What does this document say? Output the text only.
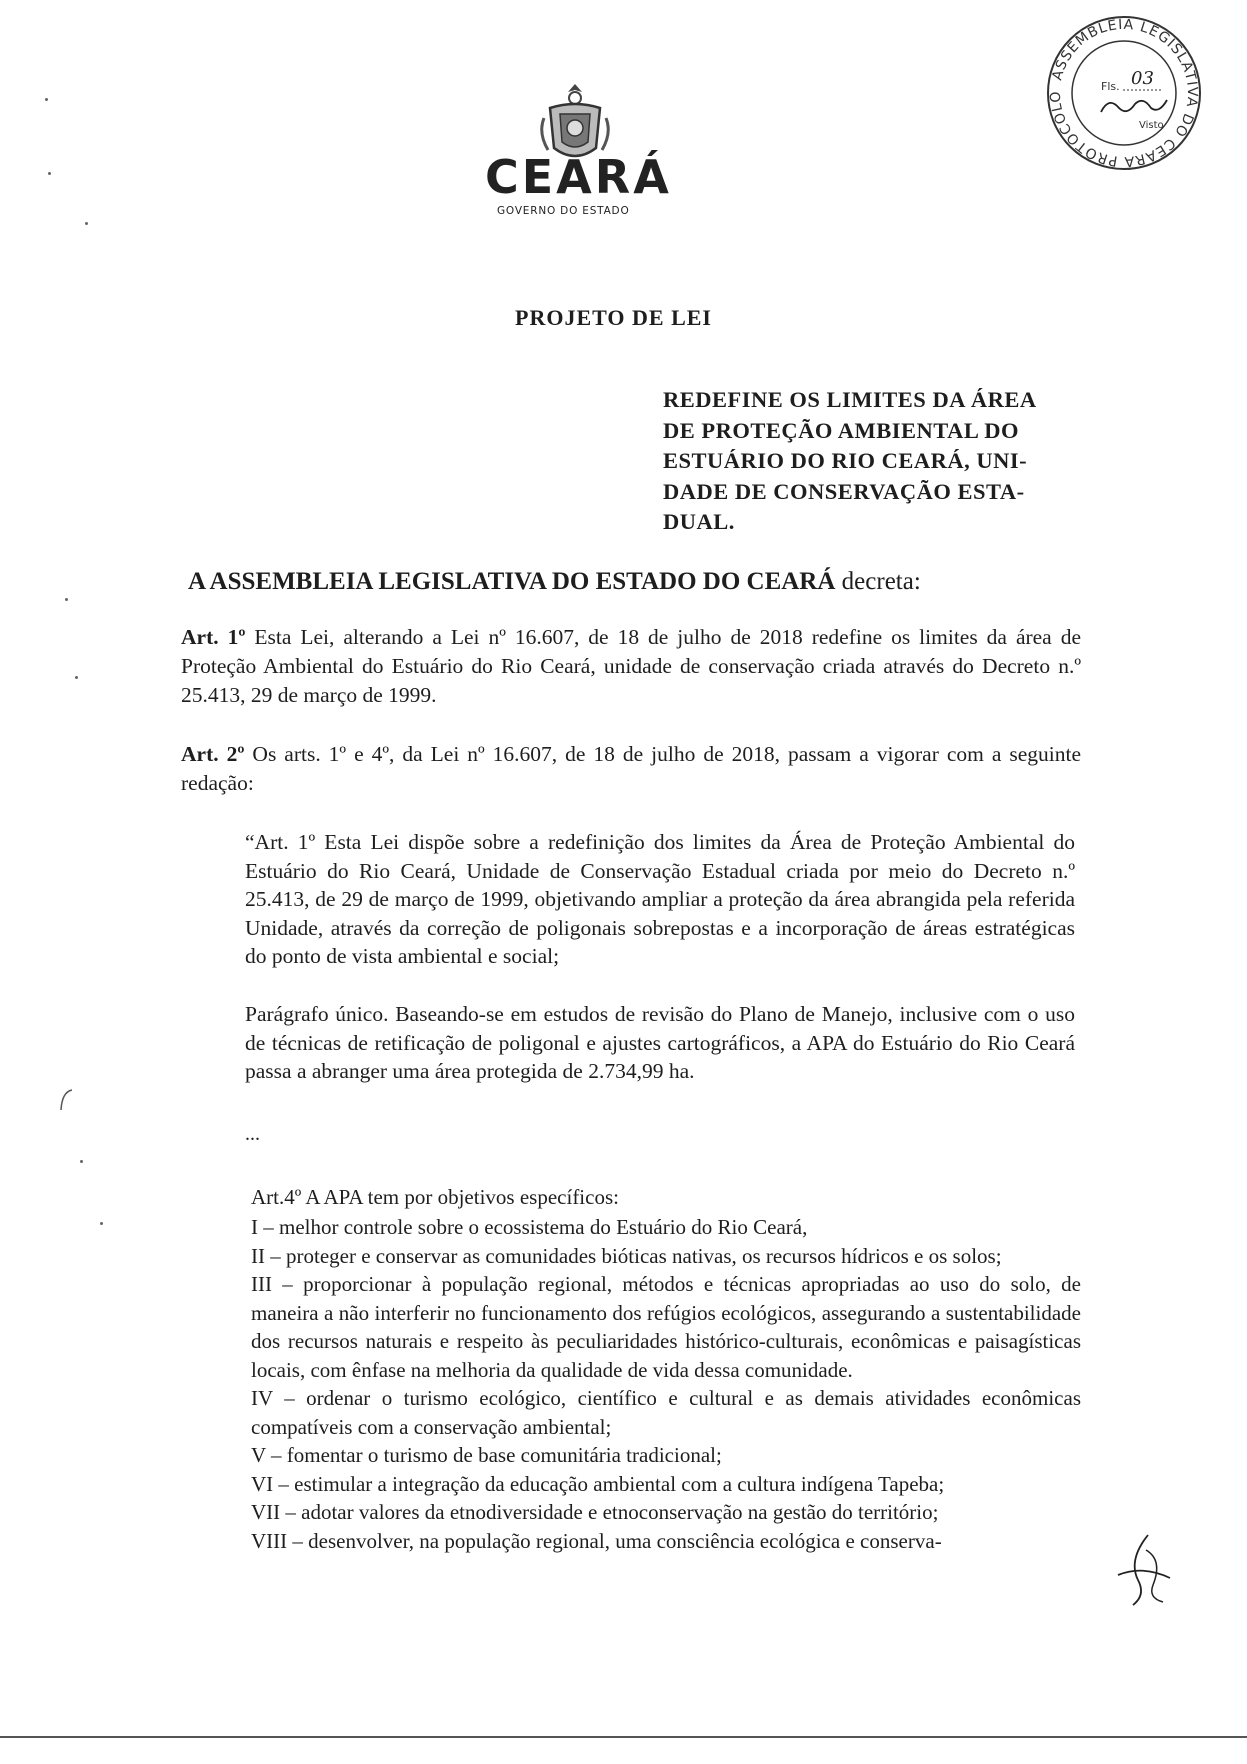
CEARÁ
GOVERNO DO ESTADO
ASSEMBLEIA LEGISLATIVA DO CEARÁ PROTOCOLO
Fls. 03
Visto
PROJETO DE LEI
REDEFINE OS LIMITES DA ÁREA
DE PROTEÇÃO AMBIENTAL DO
ESTUÁRIO DO RIO CEARÁ, UNI-
DADE DE CONSERVAÇÃO ESTA-
DUAL.
A ASSEMBLEIA LEGISLATIVA DO ESTADO DO CEARÁ decreta:
Art. 1º Esta Lei, alterando a Lei nº 16.607, de 18 de julho de 2018 redefine os limites da área de Proteção Ambiental do Estuário do Rio Ceará, unidade de conservação criada através do Decreto n.º 25.413, 29 de março de 1999.
Art. 2º Os arts. 1º e 4º, da Lei nº 16.607, de 18 de julho de 2018, passam a vigorar com a seguinte redação:
“Art. 1º Esta Lei dispõe sobre a redefinição dos limites da Área de Proteção Ambiental do Estuário do Rio Ceará, Unidade de Conservação Estadual criada por meio do Decreto n.º 25.413, de 29 de março de 1999, objetivando ampliar a proteção da área abrangida pela referida Unidade, através da correção de poligonais sobrepostas e a incorporação de áreas estratégicas do ponto de vista ambiental e social;
Parágrafo único. Baseando-se em estudos de revisão do Plano de Manejo, inclusive com o uso de técnicas de retificação de poligonal e ajustes cartográficos, a APA do Estuário do Rio Ceará passa a abranger uma área protegida de 2.734,99 ha.
...
Art.4º A APA tem por objetivos específicos:
I – melhor controle sobre o ecossistema do Estuário do Rio Ceará,
II – proteger e conservar as comunidades bióticas nativas, os recursos hídricos e os solos;
III – proporcionar à população regional, métodos e técnicas apropriadas ao uso do solo, de maneira a não interferir no funcionamento dos refúgios ecológicos, assegurando a sustentabilidade dos recursos naturais e respeito às peculiaridades histórico-culturais, econômicas e paisagísticas locais, com ênfase na melhoria da qualidade de vida dessa comunidade.
IV – ordenar o turismo ecológico, científico e cultural e as demais atividades econômicas compatíveis com a conservação ambiental;
V – fomentar o turismo de base comunitária tradicional;
VI – estimular a integração da educação ambiental com a cultura indígena Tapeba;
VII – adotar valores da etnodiversidade e etnoconservação na gestão do território;
VIII – desenvolver, na população regional, uma consciência ecológica e conserva-
